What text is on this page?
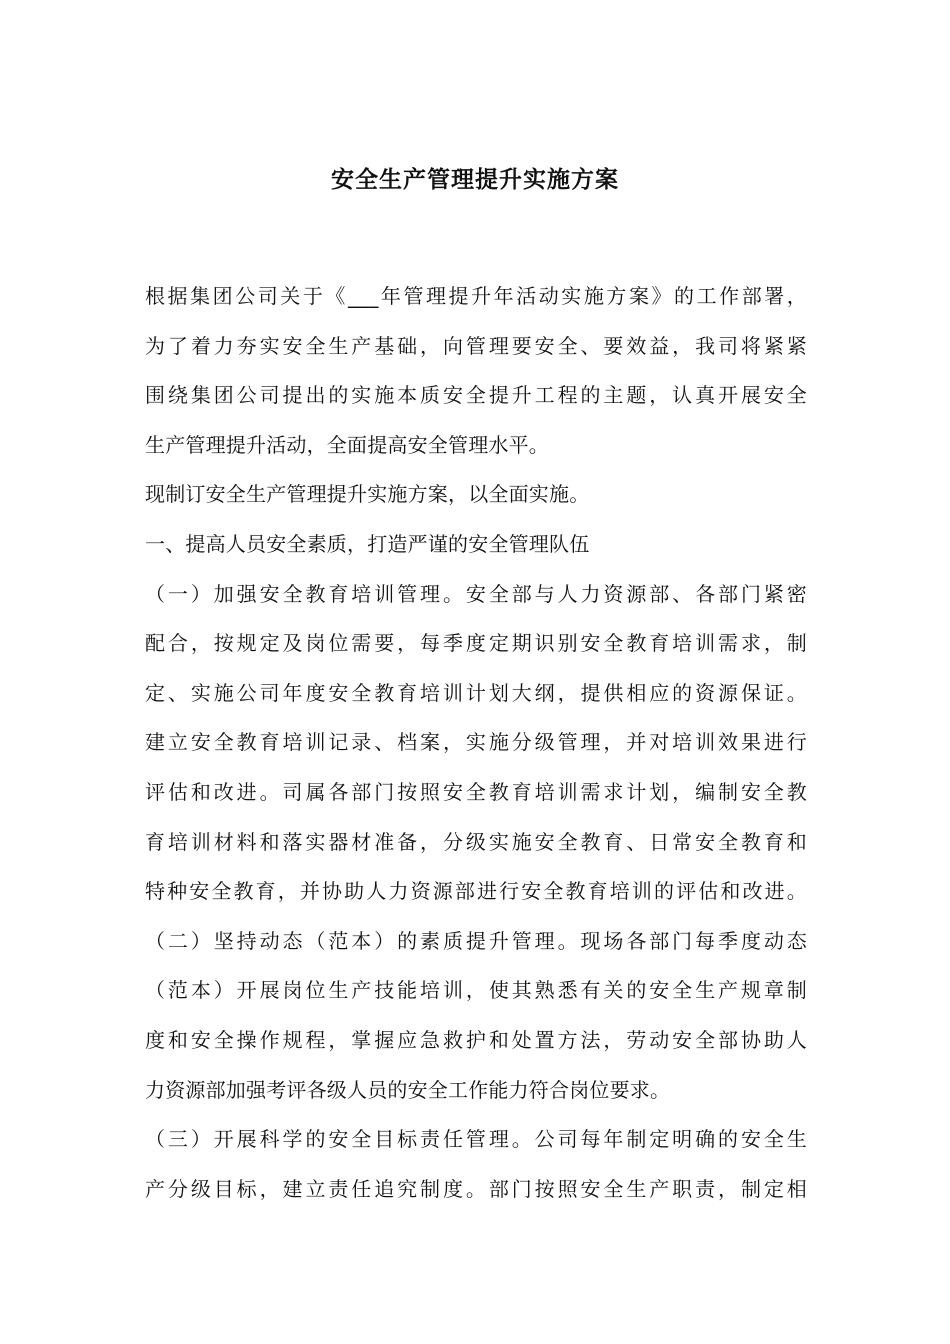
安全生产管理提升实施方案
根据集团公司关于《___年管理提升年活动实施方案》的工作部署，
为了着力夯实安全生产基础，向管理要安全、要效益，我司将紧紧
围绕集团公司提出的实施本质安全提升工程的主题，认真开展安全
生产管理提升活动，全面提高安全管理水平。
现制订安全生产管理提升实施方案，以全面实施。
一、提高人员安全素质，打造严谨的安全管理队伍
（一）加强安全教育培训管理。安全部与人力资源部、各部门紧密
配合，按规定及岗位需要，每季度定期识别安全教育培训需求，制
定、实施公司年度安全教育培训计划大纲，提供相应的资源保证。
建立安全教育培训记录、档案，实施分级管理，并对培训效果进行
评估和改进。司属各部门按照安全教育培训需求计划，编制安全教
育培训材料和落实器材准备，分级实施安全教育、日常安全教育和
特种安全教育，并协助人力资源部进行安全教育培训的评估和改进。
（二）坚持动态（范本）的素质提升管理。现场各部门每季度动态
（范本）开展岗位生产技能培训，使其熟悉有关的安全生产规章制
度和安全操作规程，掌握应急救护和处置方法，劳动安全部协助人
力资源部加强考评各级人员的安全工作能力符合岗位要求。
（三）开展科学的安全目标责任管理。公司每年制定明确的安全生
产分级目标，建立责任追究制度。部门按照安全生产职责，制定相
